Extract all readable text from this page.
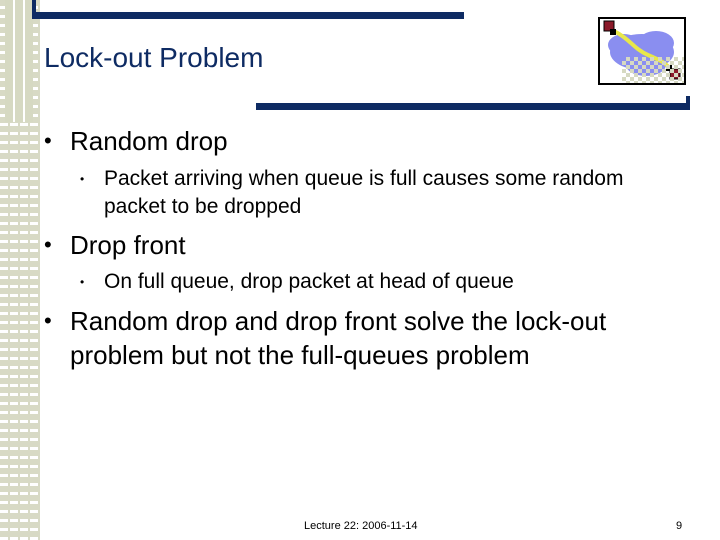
Lock-out Problem
• Random drop
• Packet arriving when queue is full causes some random
packet to be dropped
• Drop front
• On full queue, drop packet at head of queue
• Random drop and drop front solve the lock-out
problem but not the full-queues problem
Lecture 22: 2006-11-14	9
